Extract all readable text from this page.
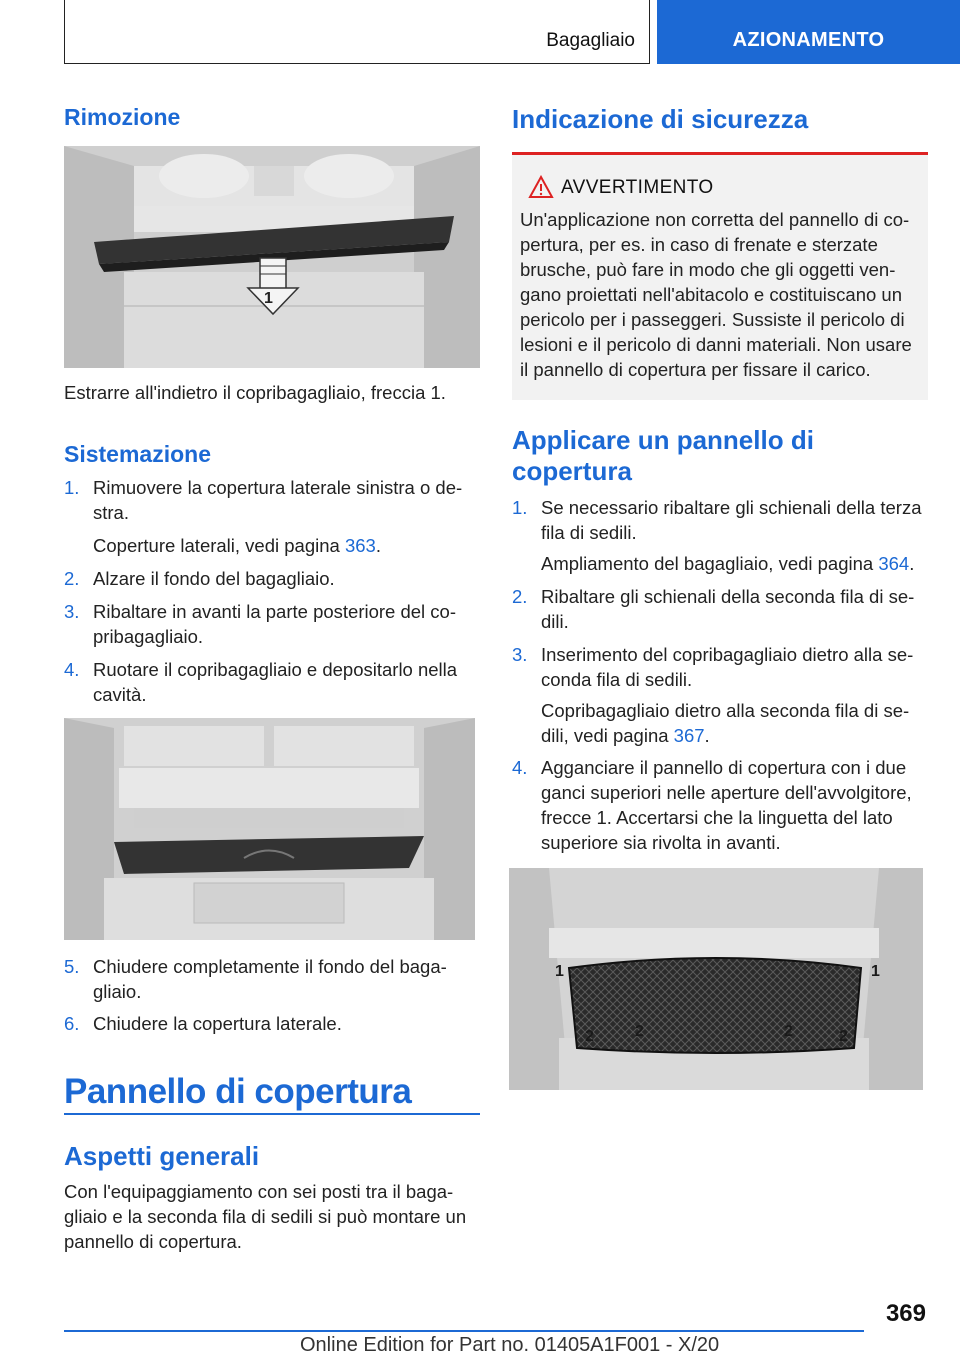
Bagagliaio	AZIONAMENTO
Rimozione
1
Estrarre all'indietro il copribagagliaio, freccia 1.
Sistemazione
1. Rimuovere la copertura laterale sinistra o de-stra.
Coperture laterali, vedi pagina 363.
2. Alzare il fondo del bagagliaio.
3. Ribaltare in avanti la parte posteriore del co-pribagagliaio.
4. Ruotare il copribagagliaio e depositarlo nella cavità.
5. Chiudere completamente il fondo del baga-gliaio.
6. Chiudere la copertura laterale.
Pannello di copertura
Aspetti generali
Con l'equipaggiamento con sei posti tra il baga-gliaio e la seconda fila di sedili si può montare un pannello di copertura.
Indicazione di sicurezza
AVVERTIMENTO
Un'applicazione non corretta del pannello di co-pertura, per es. in caso di frenate e sterzate brusche, può fare in modo che gli oggetti ven-gano proiettati nell'abitacolo e costituiscano un pericolo per i passeggeri. Sussiste il pericolo di lesioni e il pericolo di danni materiali. Non usare il pannello di copertura per fissare il carico.
Applicare un pannello di copertura
1. Se necessario ribaltare gli schienali della terza fila di sedili.
Ampliamento del bagagliaio, vedi pagina 364.
2. Ribaltare gli schienali della seconda fila di se-dili.
3. Inserimento del copribagagliaio dietro alla se-conda fila di sedili.
Copribagagliaio dietro alla seconda fila di se-dili, vedi pagina 367.
4. Agganciare il pannello di copertura con i due ganci superiori nelle aperture dell'avvolgitore, frecce 1. Accertarsi che la linguetta del lato superiore sia rivolta in avanti.
1	1
2	2	2	2
369
Online Edition for Part no. 01405A1F001 - X/20
